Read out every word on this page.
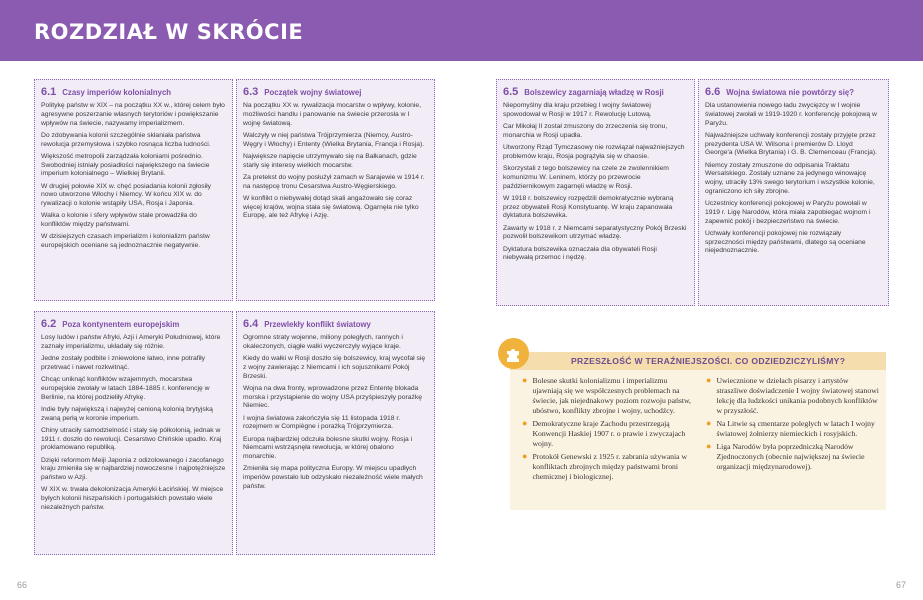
ROZDZIAŁ W SKRÓCIE
6.1 Czasy imperiów kolonialnych

Politykę państw w XIX – na początku XX w., której celem było agresywne poszerzanie własnych terytoriów i powiększanie wpływów na świecie, nazywamy imperializmem.

Do zdobywania kolonii szczególnie skłaniała państwa rewolucja przemysłowa i szybko rosnąca liczba ludności.

Większość metropolii zarządzała koloniami pośrednio. Swobodniej istniały posiadłości największego na świecie imperium kolonialnego – Wielkiej Brytanii.

W drugiej połowie XIX w. chęć posiadania kolonii zgłosiły nowo utworzone Włochy i Niemcy. W końcu XIX w. do rywalizacji o kolonie wstąpiły USA, Rosja i Japonia.

Walka o kolonie i sfery wpływów stale prowadziła do konfliktów między państwami.

W dzisiejszych czasach imperializm i kolonializm państw europejskich oceniane są jednoznacznie negatywnie.

6.2 Poza kontynentem europejskim

Losy ludów i państw Afryki, Azji i Ameryki Południowej, które zaznały imperializmu, układały się różnie.

Jedne zostały podbite i zniewolone łatwo, inne potrafiły przetrwać i nawet rozkwitnąć.

Chcąc uniknąć konfliktów wzajemnych, mocarstwa europejskie zwołały w latach 1884-1885 r. konferencję w Berlinie, na której podzieliły Afrykę.

Indie były największą i najwyżej cenioną kolonią brytyjską zwaną perłą w koronie imperium.

Chiny utraciły samodzielność i stały się półkolonią, jednak w 1911 r. doszło do rewolucji. Cesarstwo Chińskie upadło. Kraj proklamowano republiką.

Dzięki reformom Meiji Japonia z odizolowanego i zacofanego kraju zmieniła się w najbardziej nowoczesne i najpotężniejsze państwo w Azji.

W XIX w. trwała dekolonizacja Ameryki Łacińskiej. W miejsce byłych kolonii hiszpańskich i portugalskich powstało wiele niezależnych państw.

6.3 Początek wojny światowej

Na początku XX w. rywalizacja mocarstw o wpływy, kolonie, możliwości handlu i panowanie na świecie przerosła w I wojnę światową.

Walczyły w niej państwa Trójprzymierza (Niemcy, Austro-Węgry i Włochy) i Ententy (Wielka Brytania, Francja i Rosja).

Największe napięcie utrzymywało się na Bałkanach, gdzie starły się interesy wielkich mocarstw.

Za pretekst do wojny posłużył zamach w Sarajewie w 1914 r. na następcę tronu Cesarstwa Austro-Węgierskiego.

W konflikt o niebywałej dotąd skali angażowało się coraz więcej krajów, wojna stała się światową. Ogarnęła nie tylko Europę, ale też Afrykę i Azję.

6.4 Przewlekły konflikt światowy

Ogromne straty wojenne, miliony poległych, rannych i okaleczonych, ciągłe walki wyczerczyły wyjące kraje.

Kiedy do wałki w Rosji doszło się bolszewicy, kraj wycofał się z wojny zawierając z Niemcami i ich sojusznikami Pokój Brzeski.

Wojna na dwa fronty, wprowadzone przez Ententę blokada morska i przystąpienie do wojny USA przyśpieszyły porażkę Niemiec.

I wojna światowa zakończyła się 11 listopada 1918 r. rozejmem w Compiègne i porażką Trójprzymierza.

Europa najbardziej odczuła bolesne skutki wojny. Rosja i Niemcami wstrząsnęła rewolucja, w której obalono monarchie.

Zmieniła się mapa polityczna Europy. W miejscu upadłych imperiów powstało lub odzyskało niezależność wiele małych państw.

6.5 Bolszewicy zagarniają władzę w Rosji

Niepomyślny dla kraju przebieg I wojny światowej spowodował w Rosji w 1917 r. Rewolucję Lutową.

Car Mikołaj II został zmuszony do zrzeczenia się tronu, monarchia w Rosji upadła.

Utworzony Rząd Tymczasowy nie rozwiązał najważniejszych problemów kraju, Rosja pogrążyła się w chaosie.

Skorzystali z tego bolszewicy na czele ze zwolennikiem komunizmu W. Leninem, którzy po przewrocie październikowym zagarnęli władzę w Rosji.

W 1918 r. bolszewicy rozpędzili demokratycznie wybraną przez obywateli Rosji Konstytuantę. W kraju zapanowała dyktatura bolszewika.

Zawarty w 1918 r. z Niemcami separatystyczny Pokój Brzeski pozwolił bolszewikom utrzymać władzę.

Dyktatura bolszewika oznaczała dla obywateli Rosji niebywałą przemoc i nędzę.

6.6 Wojna światowa nie powtórzy się?

Dla ustanowienia nowego ładu zwycięzcy w I wojnie światowej zwołali w 1919-1920 r. konferencję pokojową w Paryżu.

Najważniejsze uchwały konferencji zostały przyjęte przez prezydenta USA W. Wilsona i premierów D. Lloyd George'a (Wielka Brytania) i G. B. Clemenceau (Francja).

Niemcy zostały zmuszone do odpisania Traktatu Wersalskiego. Zostały uznane za jedynego winowajcę wojny, utraciły 13% swego terytorium i wszystkie kolonie, ograniczono ich siły zbrojne.

Uczestnicy konferencji pokojowej w Paryżu powołali w 1919 r. Ligę Narodów, która miała zapobiegać wojnom i zapewnić pokój i bezpieczeństwo na świecie.

Uchwały konferencji pokojowej nie rozwiązały sprzeczności między państwami, dlatego są oceniane niejednoznacznie.

PRZESZŁOŚĆ W TERAŹNIEJSZOŚCI. CO ODZIEDZICZYLIŚMY?
● Bolesne skutki kolonializmu i imperializmu ujawniają się we współczesnych problemach na świecie, jak niejednakowy poziom rozwoju państw, ubóstwo, konflikty zbrojne i wojny, uchodźcy.
● Demokratyczne kraje Zachodu przestrzegają Konwencji Haskiej 1907 r. o prawie i zwyczajach wojny.
● Protokół Genewski z 1925 r. zabrania używania w konfliktach zbrojnych między państwami broni chemicznej i biologicznej.
● Uwiecznione w dziełach pisarzy i artystów straszliwe doświadczenie I wojny światowej stanowi lekcję dla ludzkości unikania podobnych konfliktów w przyszłość.
● Na Litwie są cmentarze poległych w latach I wojny światowej żołnierzy niemieckich i rosyjskich.
● Liga Narodów była poprzedniczką Narodów Zjednoczonych (obecnie największej na świecie organizacji międzynarodowej).
66	67
